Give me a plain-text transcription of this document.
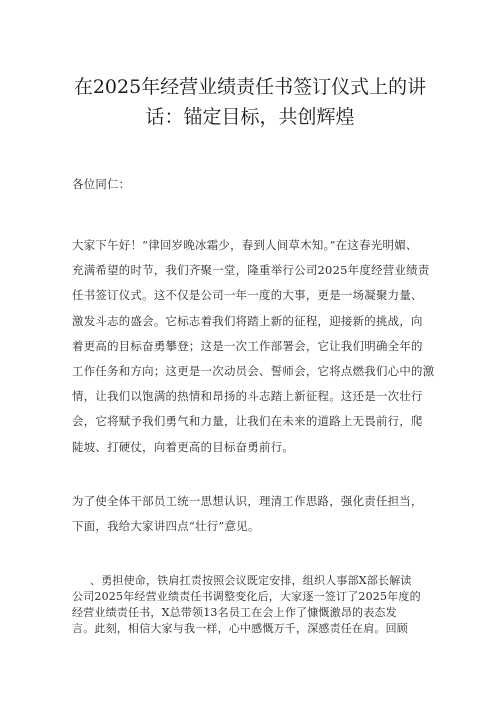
在2025年经营业绩责任书签订仪式上的讲
话：锚定目标，共创辉煌

各位同仁：

大家下午好！“律回岁晚冰霜少，春到人间草木知。”在这春光明媚、
充满希望的时节，我们齐聚一堂，隆重举行公司2025年度经营业绩责
任书签订仪式。这不仅是公司一年一度的大事，更是一场凝聚力量、
激发斗志的盛会。它标志着我们将踏上新的征程，迎接新的挑战，向
着更高的目标奋勇攀登；这是一次工作部署会，它让我们明确全年的
工作任务和方向；这更是一次动员会、誓师会，它将点燃我们心中的激
情，让我们以饱满的热情和昂扬的斗志踏上新征程。这还是一次壮行
会，它将赋予我们勇气和力量，让我们在未来的道路上无畏前行，爬
陡坡、打硬仗，向着更高的目标奋勇前行。

为了使全体干部员工统一思想认识，理清工作思路，强化责任担当，
下面，我给大家讲四点“壮行”意见。

、勇担使命，铁肩扛责按照会议既定安排，组织人事部X部长解读
公司2025年经营业绩责任书调整变化后，大家逐一签订了2025年度的
经营业绩责任书，X总带领13名员工在会上作了慷慨激昂的表态发
言。此刻，相信大家与我一样，心中感慨万千，深感责任在肩。回顾
